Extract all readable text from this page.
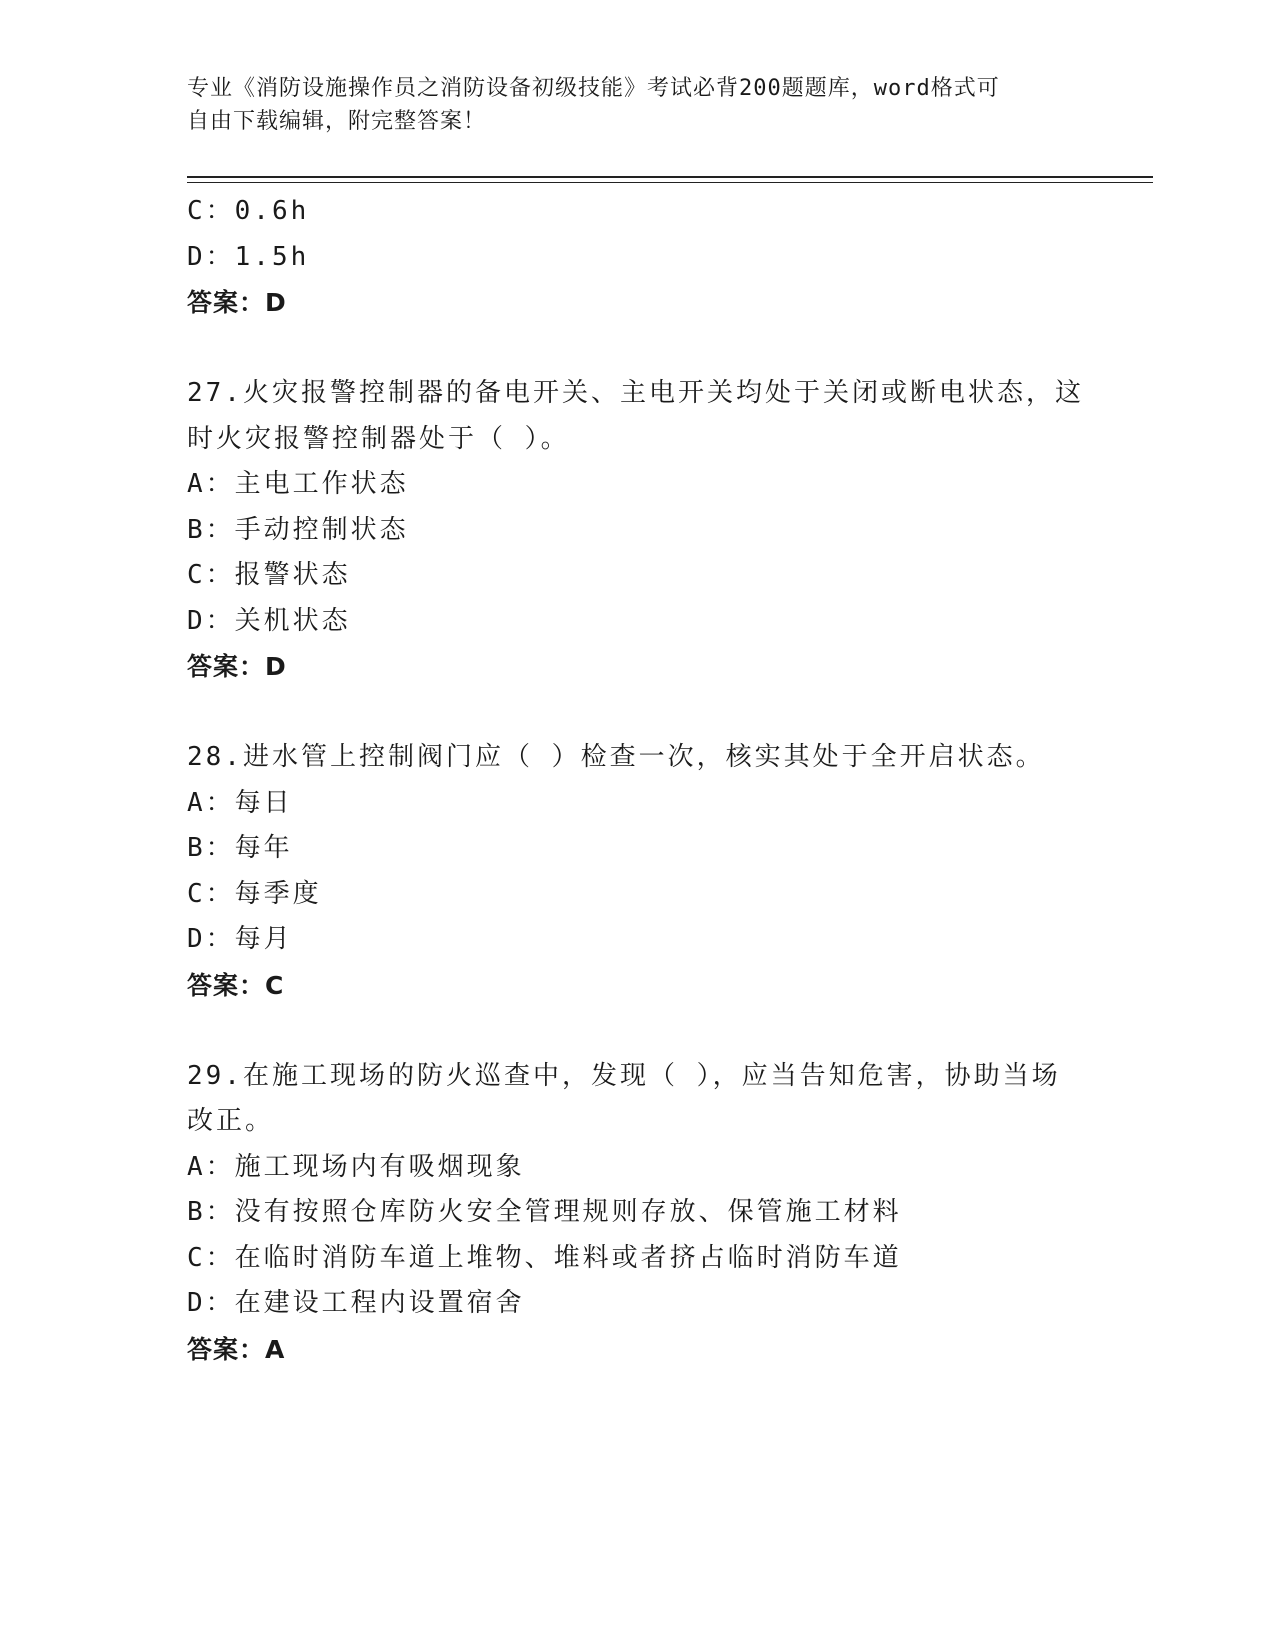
专业《消防设施操作员之消防设备初级技能》考试必背200题题库，word格式可
自由下载编辑，附完整答案！
C：0.6h
D：1.5h
答案：D
27.火灾报警控制器的备电开关、主电开关均处于关闭或断电状态，这
时火灾报警控制器处于（ ）。
A：主电工作状态
B：手动控制状态
C：报警状态
D：关机状态
答案：D
28.进水管上控制阀门应（ ）检查一次，核实其处于全开启状态。
A：每日
B：每年
C：每季度
D：每月
答案：C
29.在施工现场的防火巡查中，发现（ ），应当告知危害，协助当场
改正。
A：施工现场内有吸烟现象
B：没有按照仓库防火安全管理规则存放、保管施工材料
C：在临时消防车道上堆物、堆料或者挤占临时消防车道
D：在建设工程内设置宿舍
答案：A
